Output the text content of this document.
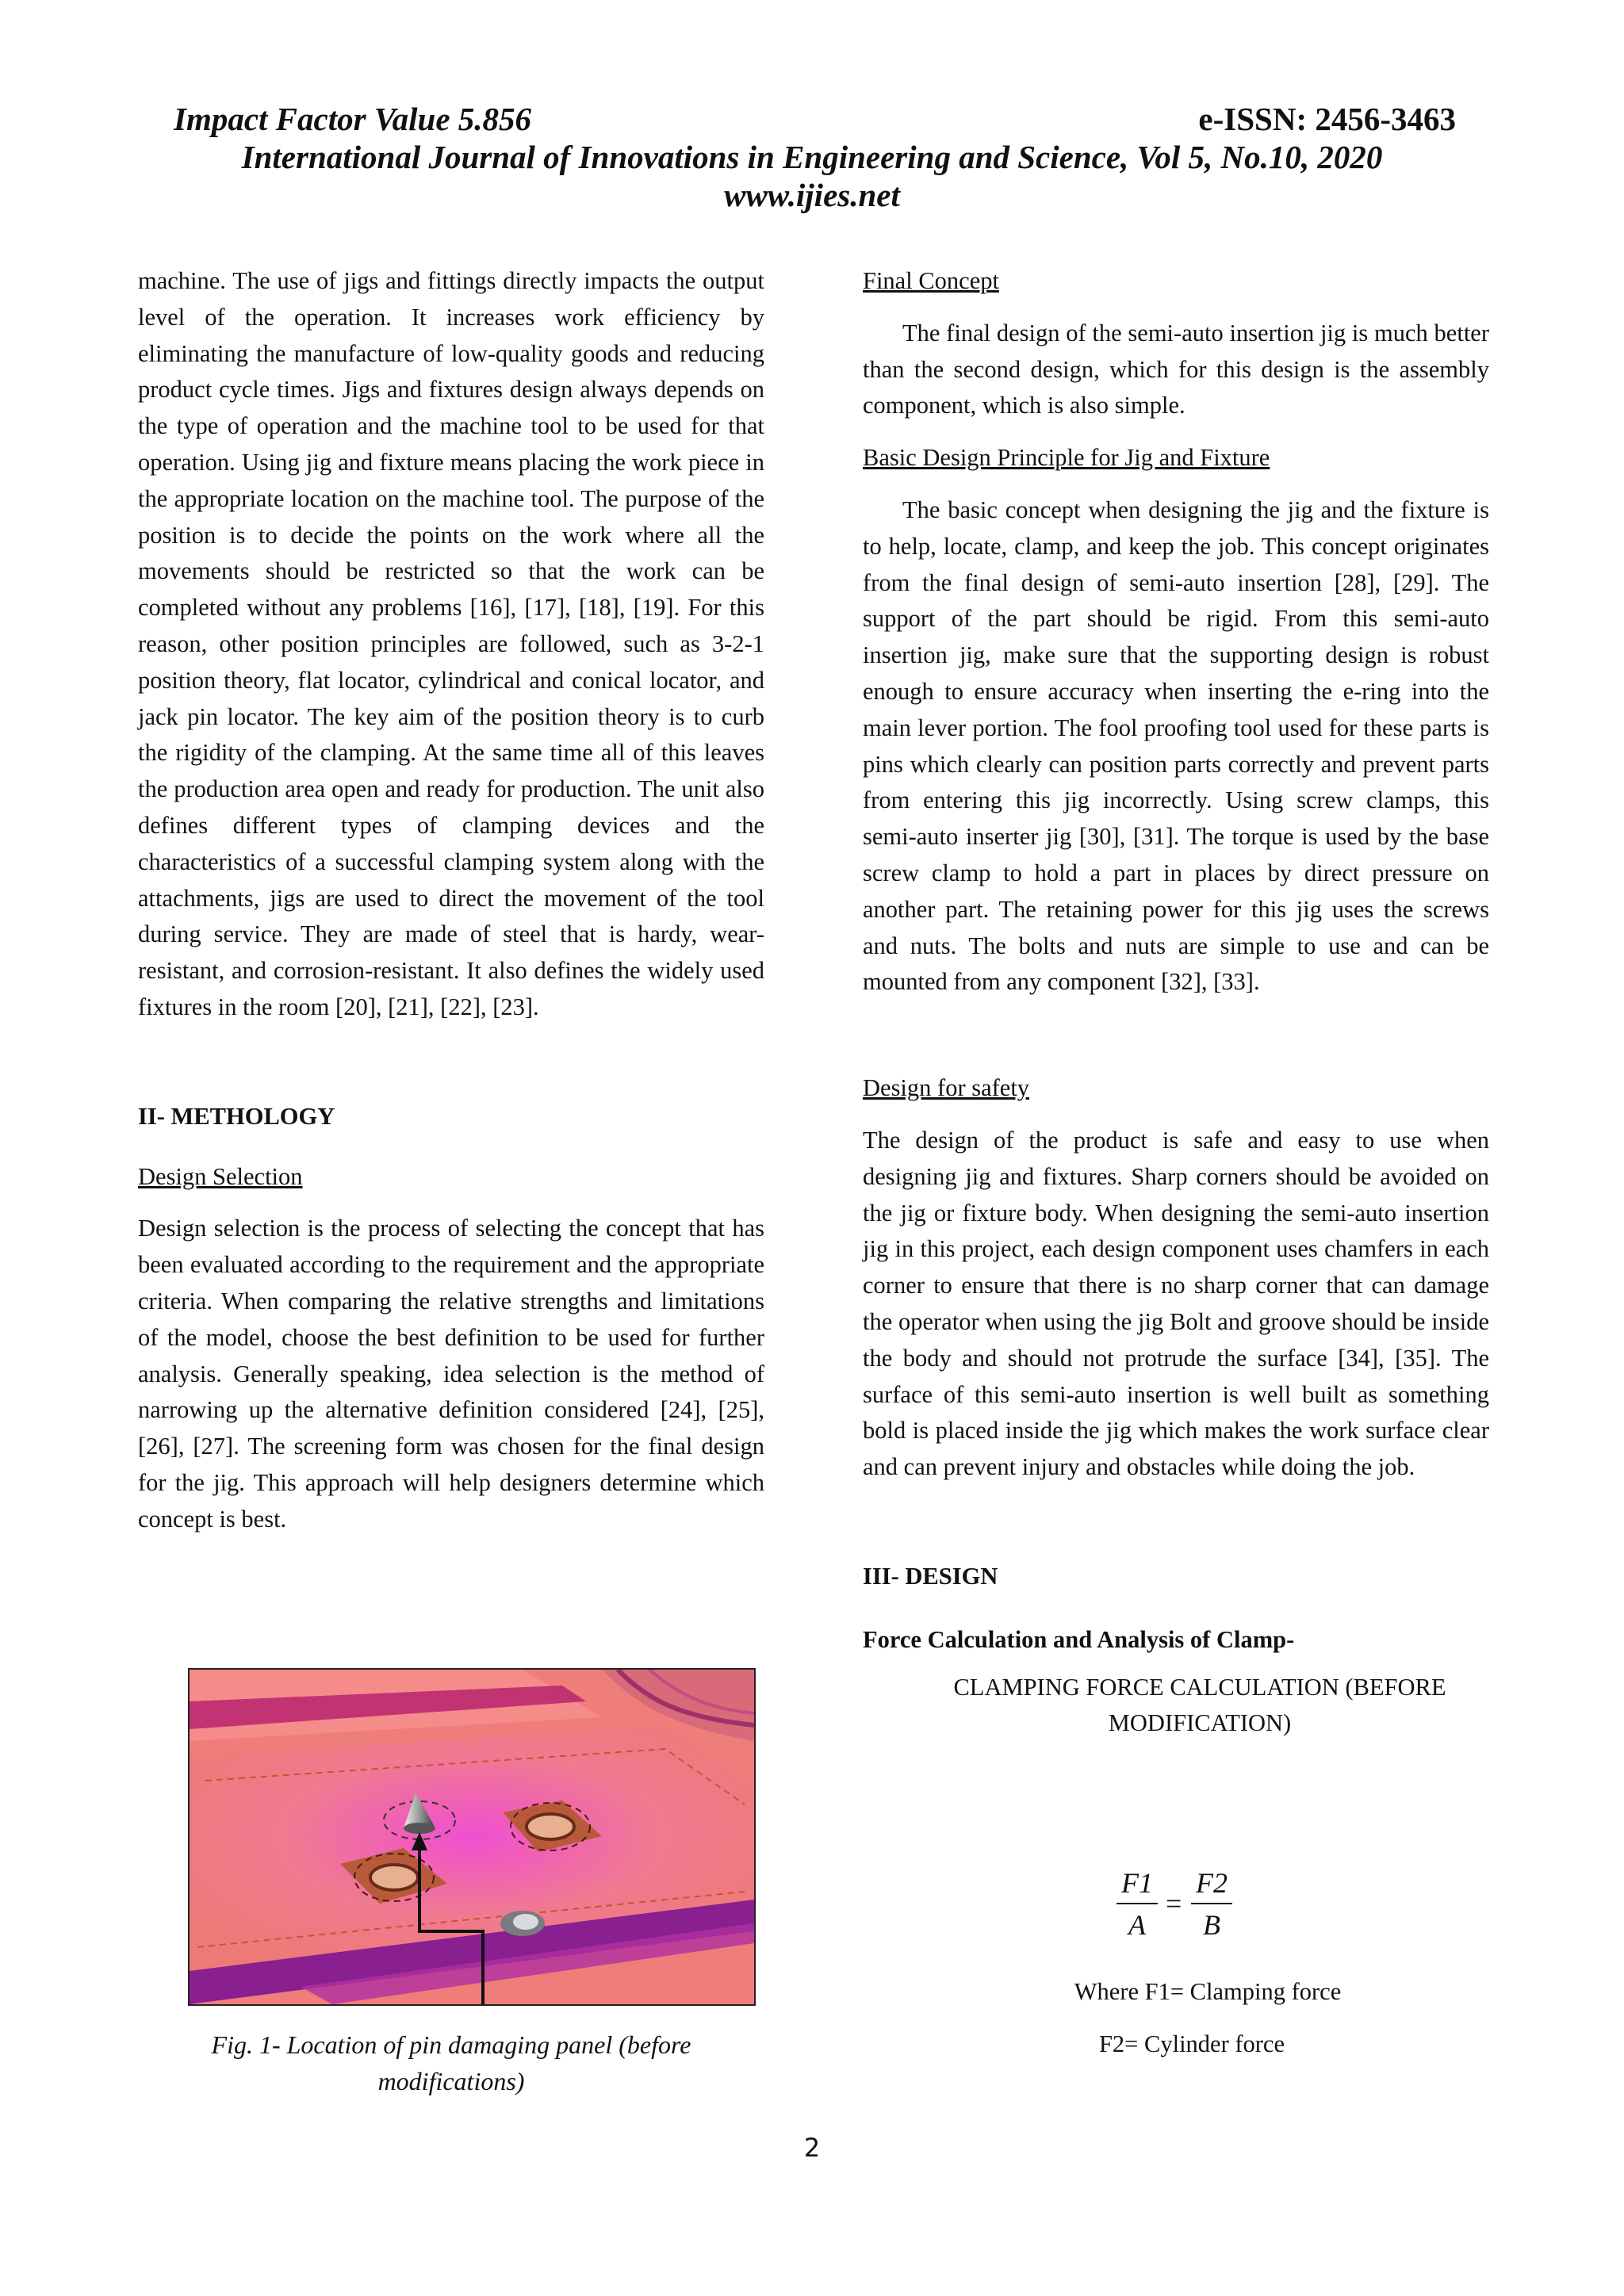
Impact Factor Value 5.856	e-ISSN: 2456-3463
International Journal of Innovations in Engineering and Science, Vol 5, No.10, 2020
www.ijies.net

machine. The use of jigs and fittings directly impacts the output level of the operation. It increases work efficiency by eliminating the manufacture of low-quality goods and reducing product cycle times. Jigs and fixtures design always depends on the type of operation and the machine tool to be used for that operation. Using jig and fixture means placing the work piece in the appropriate location on the machine tool. The purpose of the position is to decide the points on the work where all the movements should be restricted so that the work can be completed without any problems [16], [17], [18], [19]. For this reason, other position principles are followed, such as 3-2-1 position theory, flat locator, cylindrical and conical locator, and jack pin locator. The key aim of the position theory is to curb the rigidity of the clamping. At the same time all of this leaves the production area open and ready for production. The unit also defines different types of clamping devices and the characteristics of a successful clamping system along with the attachments, jigs are used to direct the movement of the tool during service. They are made of steel that is hardy, wear-resistant, and corrosion-resistant. It also defines the widely used fixtures in the room [20], [21], [22], [23].

II- METHOLOGY

Design Selection

Design selection is the process of selecting the concept that has been evaluated according to the requirement and the appropriate criteria. When comparing the relative strengths and limitations of the model, choose the best definition to be used for further analysis. Generally speaking, idea selection is the method of narrowing up the alternative definition considered [24], [25], [26], [27]. The screening form was chosen for the final design for the jig. This approach will help designers determine which concept is best.

Fig. 1- Location of pin damaging panel (before modifications)

Final Concept

The final design of the semi-auto insertion jig is much better than the second design, which for this design is the assembly component, which is also simple.

Basic Design Principle for Jig and Fixture

The basic concept when designing the jig and the fixture is to help, locate, clamp, and keep the job. This concept originates from the final design of semi-auto insertion [28], [29]. The support of the part should be rigid. From this semi-auto insertion jig, make sure that the supporting design is robust enough to ensure accuracy when inserting the e-ring into the main lever portion. The fool proofing tool used for these parts is pins which clearly can position parts correctly and prevent parts from entering this jig incorrectly. Using screw clamps, this semi-auto inserter jig [30], [31]. The torque is used by the base screw clamp to hold a part in places by direct pressure on another part. The retaining power for this jig uses the screws and nuts. The bolts and nuts are simple to use and can be mounted from any component [32], [33].

Design for safety

The design of the product is safe and easy to use when designing jig and fixtures. Sharp corners should be avoided on the jig or fixture body. When designing the semi-auto insertion jig in this project, each design component uses chamfers in each corner to ensure that there is no sharp corner that can damage the operator when using the jig Bolt and groove should be inside the body and should not protrude the surface [34], [35]. The surface of this semi-auto insertion is well built as something bold is placed inside the jig which makes the work surface clear and can prevent injury and obstacles while doing the job.

III- DESIGN

Force Calculation and Analysis of Clamp-

CLAMPING FORCE CALCULATION (BEFORE MODIFICATION)

$\frac{F1}{A} = \frac{F2}{B}$
Where F1= Clamping force
F2= Cylinder force
2
